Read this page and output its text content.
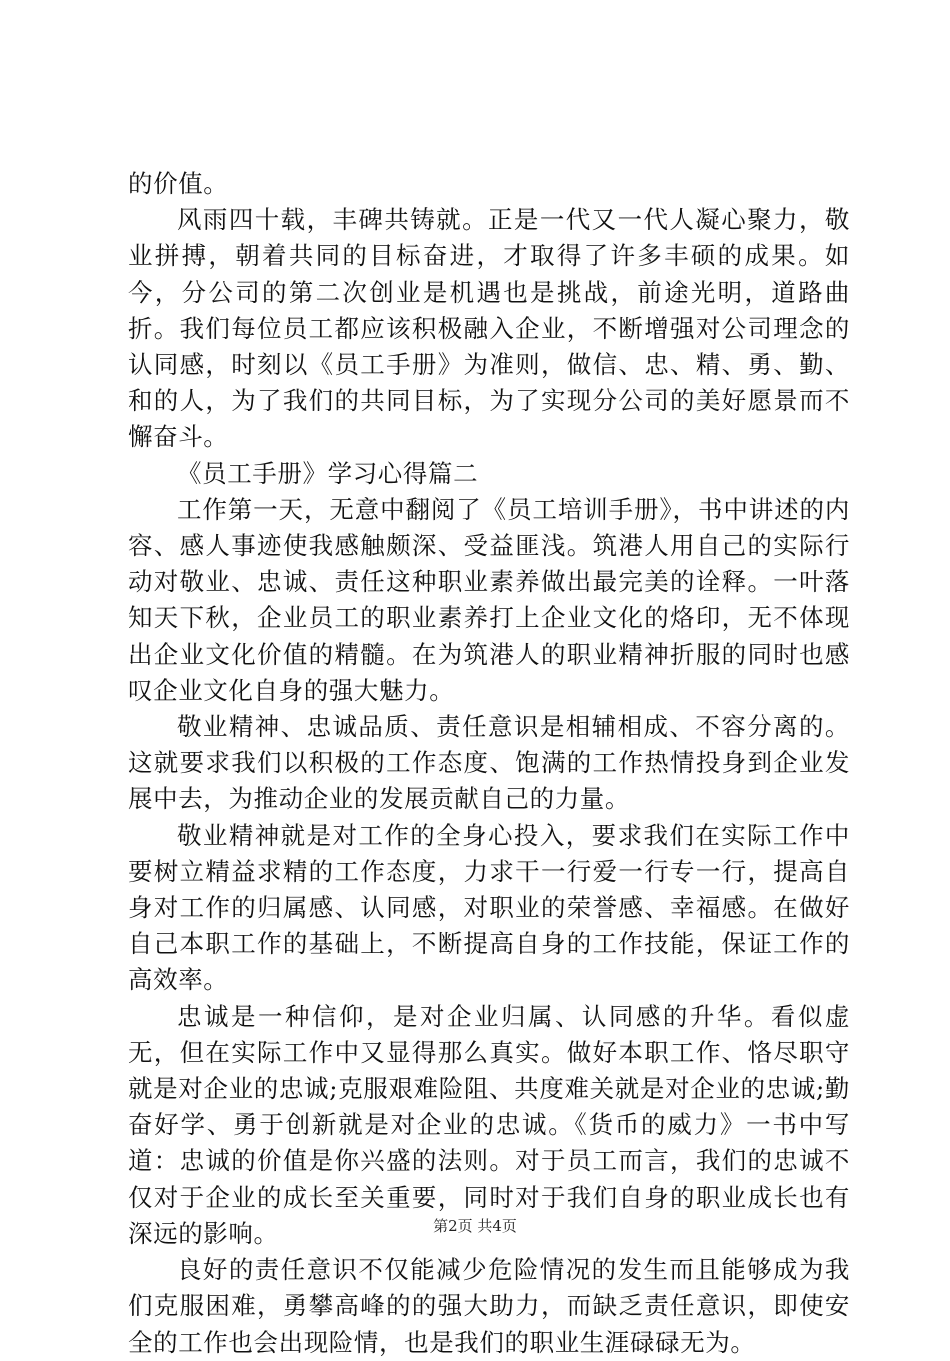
的价值。

风雨四十载，丰碑共铸就。正是一代又一代人凝心聚力，敬业拼搏，朝着共同的目标奋进，才取得了许多丰硕的成果。如今，分公司的第二次创业是机遇也是挑战，前途光明，道路曲折。我们每位员工都应该积极融入企业，不断增强对公司理念的认同感，时刻以《员工手册》为准则，做信、忠、精、勇、勤、和的人，为了我们的共同目标，为了实现分公司的美好愿景而不懈奋斗。

《员工手册》学习心得篇二

工作第一天，无意中翻阅了《员工培训手册》，书中讲述的内容、感人事迹使我感触颇深、受益匪浅。筑港人用自己的实际行动对敬业、忠诚、责任这种职业素养做出最完美的诠释。一叶落知天下秋，企业员工的职业素养打上企业文化的烙印，无不体现出企业文化价值的精髓。在为筑港人的职业精神折服的同时也感叹企业文化自身的强大魅力。

敬业精神、忠诚品质、责任意识是相辅相成、不容分离的。这就要求我们以积极的工作态度、饱满的工作热情投身到企业发展中去，为推动企业的发展贡献自己的力量。

敬业精神就是对工作的全身心投入，要求我们在实际工作中要树立精益求精的工作态度，力求干一行爱一行专一行，提高自身对工作的归属感、认同感，对职业的荣誉感、幸福感。在做好自己本职工作的基础上，不断提高自身的工作技能，保证工作的高效率。

忠诚是一种信仰，是对企业归属、认同感的升华。看似虚无，但在实际工作中又显得那么真实。做好本职工作、恪尽职守就是对企业的忠诚;克服艰难险阻、共度难关就是对企业的忠诚;勤奋好学、勇于创新就是对企业的忠诚。《货币的威力》一书中写道：忠诚的价值是你兴盛的法则。对于员工而言，我们的忠诚不仅对于企业的成长至关重要，同时对于我们自身的职业成长也有深远的影响。

良好的责任意识不仅能减少危险情况的发生而且能够成为我们克服困难，勇攀高峰的的强大助力，而缺乏责任意识，即使安全的工作也会出现险情，也是我们的职业生涯碌碌无为。

第2页 共4页
